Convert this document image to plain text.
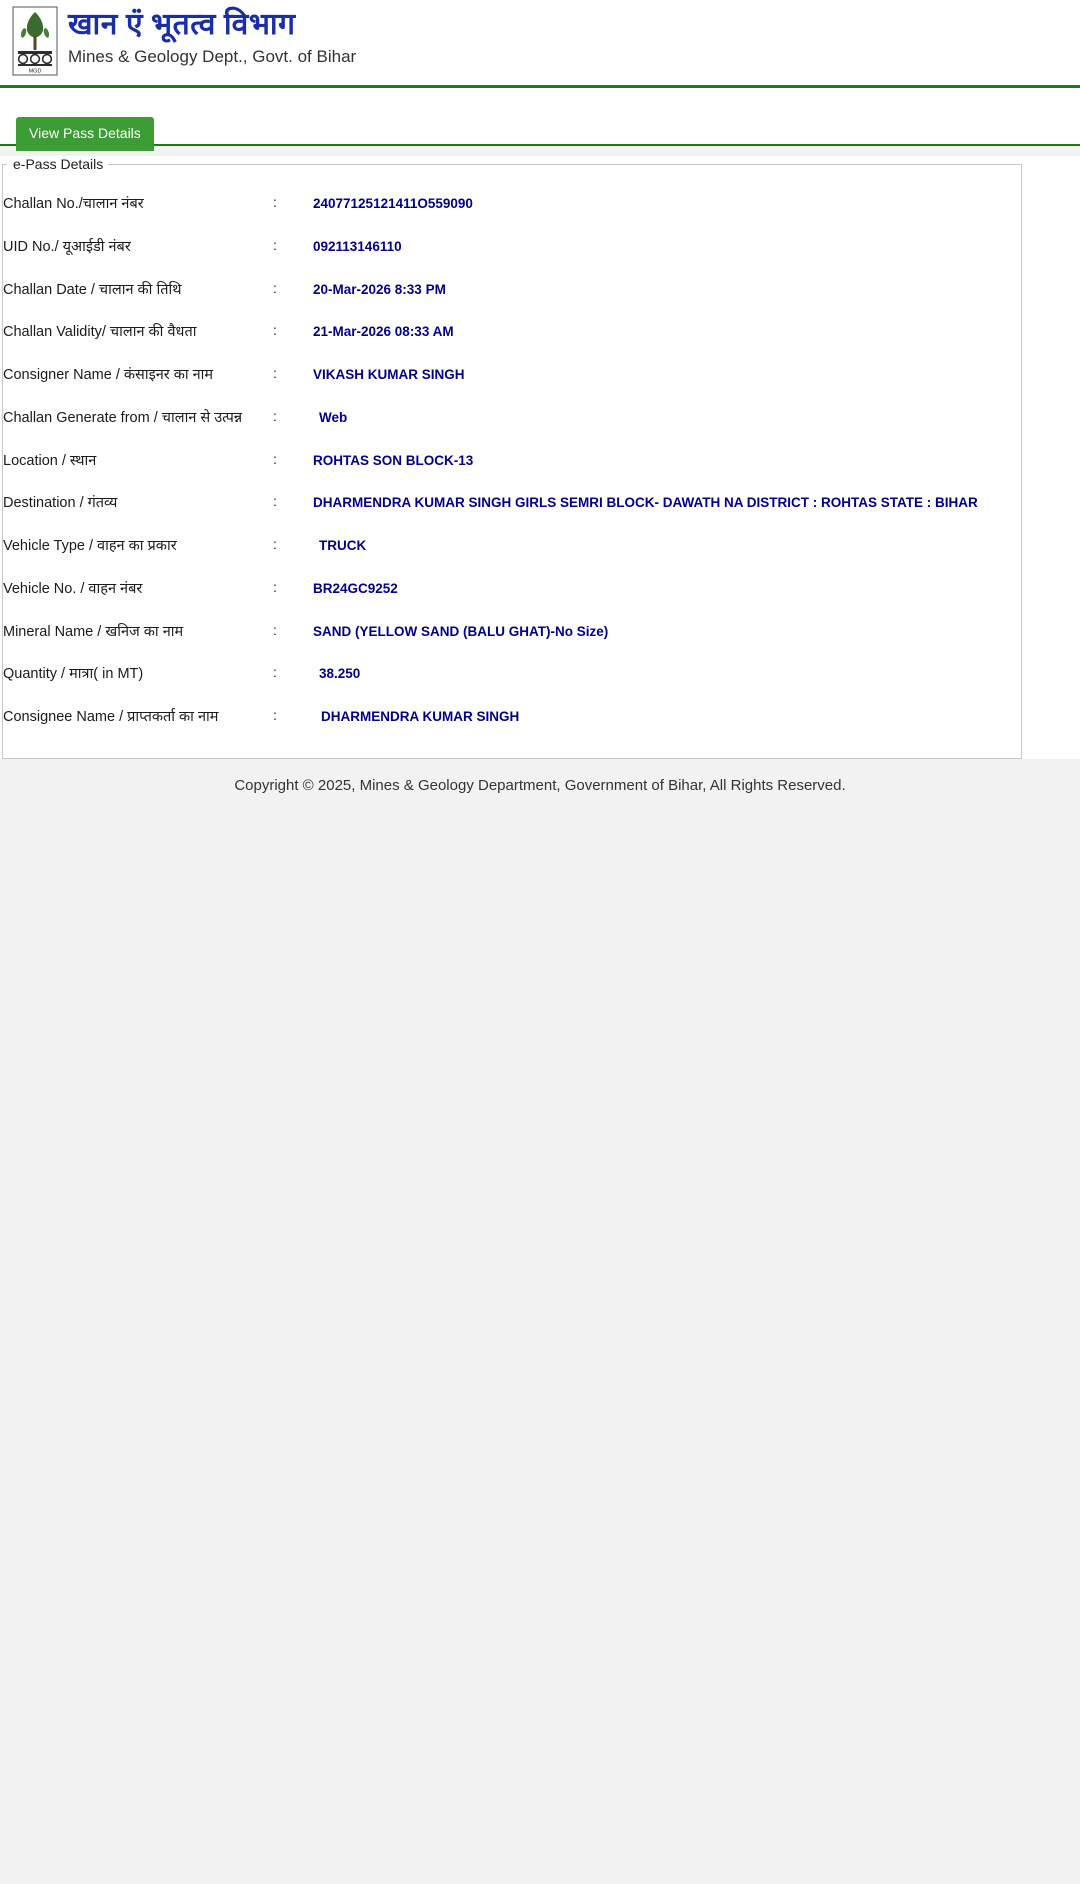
MGD
खान एंं भूतत्व विभाग
Mines & Geology Dept., Govt. of Bihar
View Pass Details
e-Pass Details
Challan No./चालान नंबर	:	24077125121411O559090
UID No./ यूआईडी नंबर	:	092113146110
Challan Date / चालान की तिथि	:	20-Mar-2026 8:33 PM
Challan Validity/ चालान की वैधता	:	21-Mar-2026 08:33 AM
Consigner Name / कंसाइनर का नाम	:	VIKASH KUMAR SINGH
Challan Generate from / चालान से उत्पन्न	:	Web
Location / स्थान	:	ROHTAS SON BLOCK-13
Destination / गंतव्य	:	DHARMENDRA KUMAR SINGH GIRLS SEMRI BLOCK- DAWATH NA DISTRICT : ROHTAS STATE : BIHAR
Vehicle Type / वाहन का प्रकार	:	TRUCK
Vehicle No. / वाहन नंबर	:	BR24GC9252
Mineral Name / खनिज का नाम	:	SAND (YELLOW SAND (BALU GHAT)-No Size)
Quantity / मात्रा( in MT)	:	38.250
Consignee Name / प्राप्तकर्ता का नाम	:	DHARMENDRA KUMAR SINGH
Copyright © 2025, Mines & Geology Department, Government of Bihar, All Rights Reserved.
